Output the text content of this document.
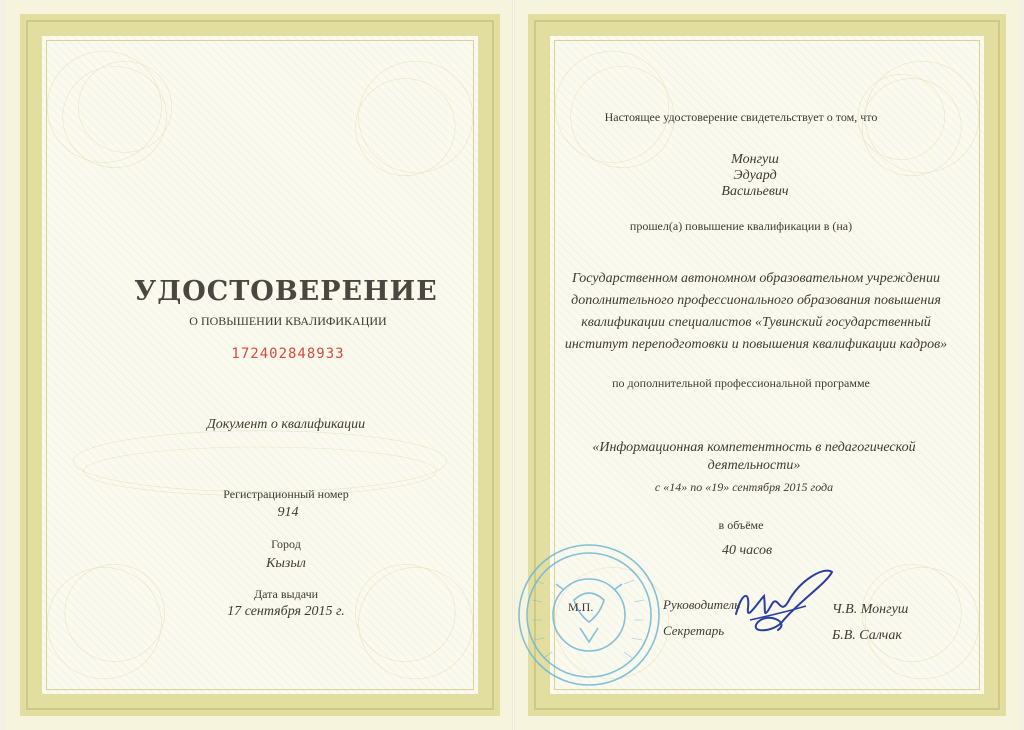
УДОСТОВЕРЕНИЕ
О ПОВЫШЕНИИ КВАЛИФИКАЦИИ
172402848933
Документ о квалификации
Регистрационный номер
914
Город
Кызыл
Дата выдачи
17 сентября 2015 г.
Настоящее удостоверение свидетельствует о том, что
Монгуш
Эдуард
Васильевич
прошел(а) повышение квалификации в (на)
Государственном автономном образовательном учреждении
дополнительного профессионального образования повышения
квалификации специалистов «Тувинский государственный
институт переподготовки и повышения квалификации кадров»
по дополнительной профессиональной программе
«Информационная компетентность в педагогической
деятельности»
с «14» по «19» сентября 2015 года
в объёме
40 часов
М.П.	Руководитель	Ч.В. Монгуш
Секретарь	Б.В. Салчак
